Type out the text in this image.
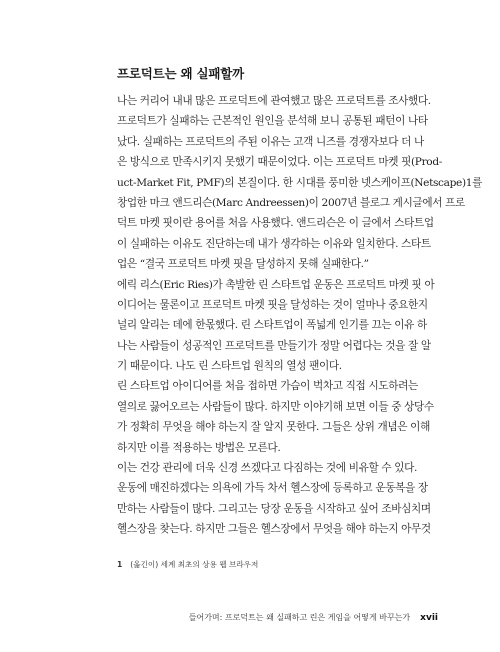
프로덕트는 왜 실패할까
나는 커리어 내내 많은 프로덕트에 관여했고 많은 프로덕트를 조사했다.
프로덕트가 실패하는 근본적인 원인을 분석해 보니 공통된 패턴이 나타
났다. 실패하는 프로덕트의 주된 이유는 고객 니즈를 경쟁자보다 더 나
은 방식으로 만족시키지 못했기 때문이었다. 이는 프로덕트 마켓 핏(Prod-
uct-Market Fit, PMF)의 본질이다. 한 시대를 풍미한 넷스케이프(Netscape)1를
창업한 마크 앤드리슨(Marc Andreessen)이 2007년 블로그 게시글에서 프로
덕트 마켓 핏이란 용어를 처음 사용했다. 앤드리슨은 이 글에서 스타트업
이 실패하는 이유도 진단하는데 내가 생각하는 이유와 일치한다. 스타트
업은 “결국 프로덕트 마켓 핏을 달성하지 못해 실패한다.”
에릭 리스(Eric Ries)가 촉발한 린 스타트업 운동은 프로덕트 마켓 핏 아
이디어는 물론이고 프로덕트 마켓 핏을 달성하는 것이 얼마나 중요한지
널리 알리는 데에 한몫했다. 린 스타트업이 폭넓게 인기를 끄는 이유 하
나는 사람들이 성공적인 프로덕트를 만들기가 정말 어렵다는 것을 잘 알
기 때문이다. 나도 린 스타트업 원칙의 열성 팬이다.
린 스타트업 아이디어를 처음 접하면 가슴이 벅차고 직접 시도하려는
열의로 끓어오르는 사람들이 많다. 하지만 이야기해 보면 이들 중 상당수
가 정확히 무엇을 해야 하는지 잘 알지 못한다. 그들은 상위 개념은 이해
하지만 이를 적용하는 방법은 모른다.
이는 건강 관리에 더욱 신경 쓰겠다고 다짐하는 것에 비유할 수 있다.
운동에 매진하겠다는 의욕에 가득 차서 헬스장에 등록하고 운동복을 장
만하는 사람들이 많다. 그리고는 당장 운동을 시작하고 싶어 조바심치며
헬스장을 찾는다. 하지만 그들은 헬스장에서 무엇을 해야 하는지 아무것
1 (옮긴이) 세계 최초의 상용 웹 브라우저
들어가며: 프로덕트는 왜 실패하고 린은 게임을 어떻게 바꾸는가 xvii
